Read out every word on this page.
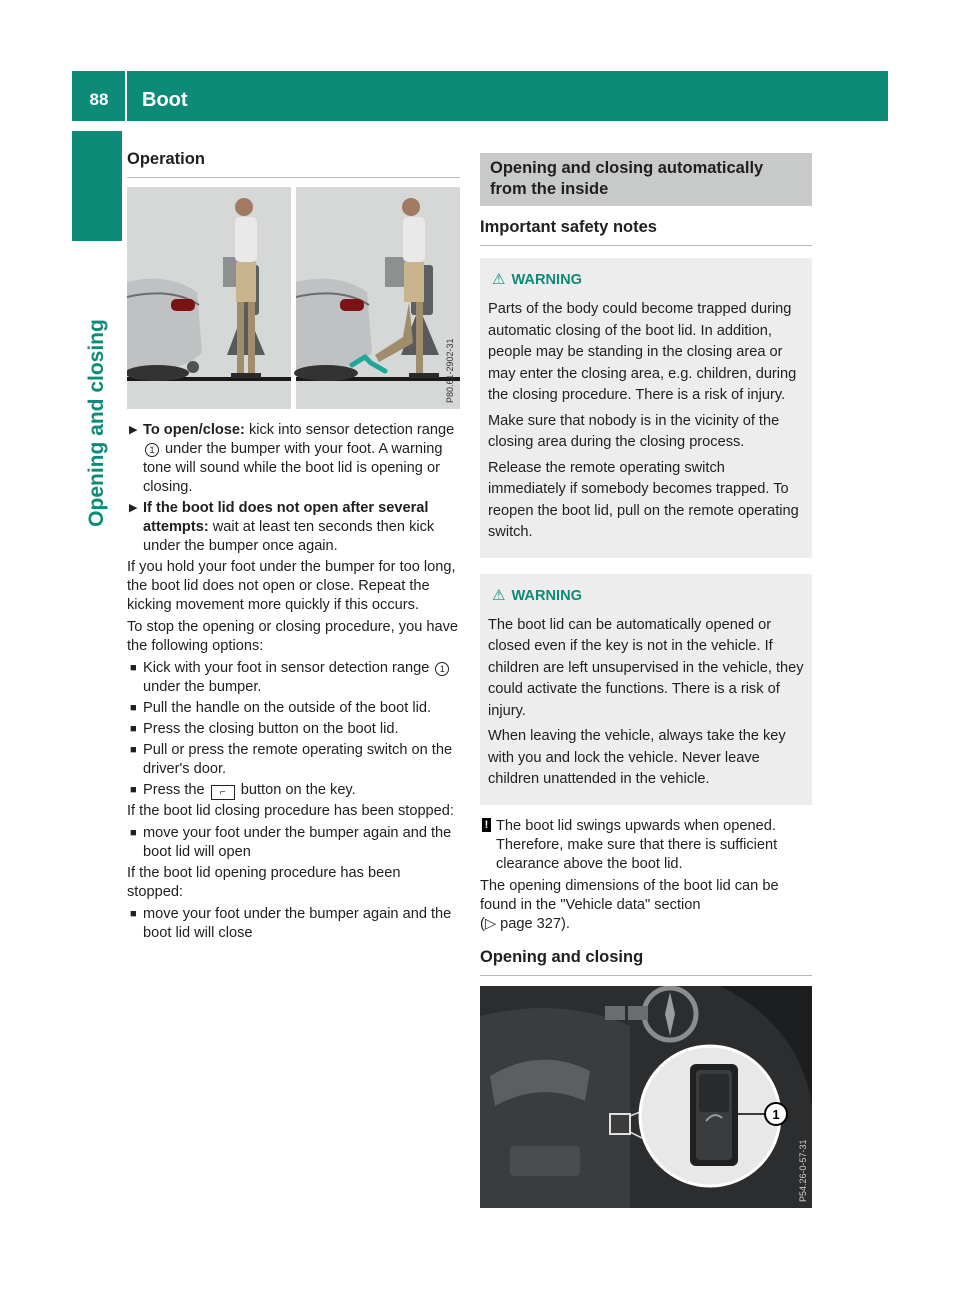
88	Boot
Opening and closing
Operation
P80.61-2902-31
▶ To open/close: kick into sensor detection range 1 under the bumper with your foot. A warning tone will sound while the boot lid is opening or closing.
▶ If the boot lid does not open after several attempts: wait at least ten seconds then kick under the bumper once again.

If you hold your foot under the bumper for too long, the boot lid does not open or close. Repeat the kicking movement more quickly if this occurs.

To stop the opening or closing procedure, you have the following options:

■ Kick with your foot in sensor detection range 1 under the bumper.
■ Pull the handle on the outside of the boot lid.
■ Press the closing button on the boot lid.
■ Pull or press the remote operating switch on the driver's door.
■ Press the ⌐ button on the key.

If the boot lid closing procedure has been stopped:

■ move your foot under the bumper again and the boot lid will open

If the boot lid opening procedure has been stopped:

■ move your foot under the bumper again and the boot lid will close
Opening and closing automatically from the inside
Important safety notes
⚠ WARNING

Parts of the body could become trapped during automatic closing of the boot lid. In addition, people may be standing in the closing area or may enter the closing area, e.g. children, during the closing procedure. There is a risk of injury.

Make sure that nobody is in the vicinity of the closing area during the closing process.

Release the remote operating switch immediately if somebody becomes trapped. To reopen the boot lid, pull on the remote operating switch.

⚠ WARNING

The boot lid can be automatically opened or closed even if the key is not in the vehicle. If children are left unsupervised in the vehicle, they could activate the functions. There is a risk of injury.

When leaving the vehicle, always take the key with you and lock the vehicle. Never leave children unattended in the vehicle.

! The boot lid swings upwards when opened. Therefore, make sure that there is sufficient clearance above the boot lid.

The opening dimensions of the boot lid can be found in the "Vehicle data" section
(▷ page 327).

Opening and closing
1
P54.26-0-57-31
